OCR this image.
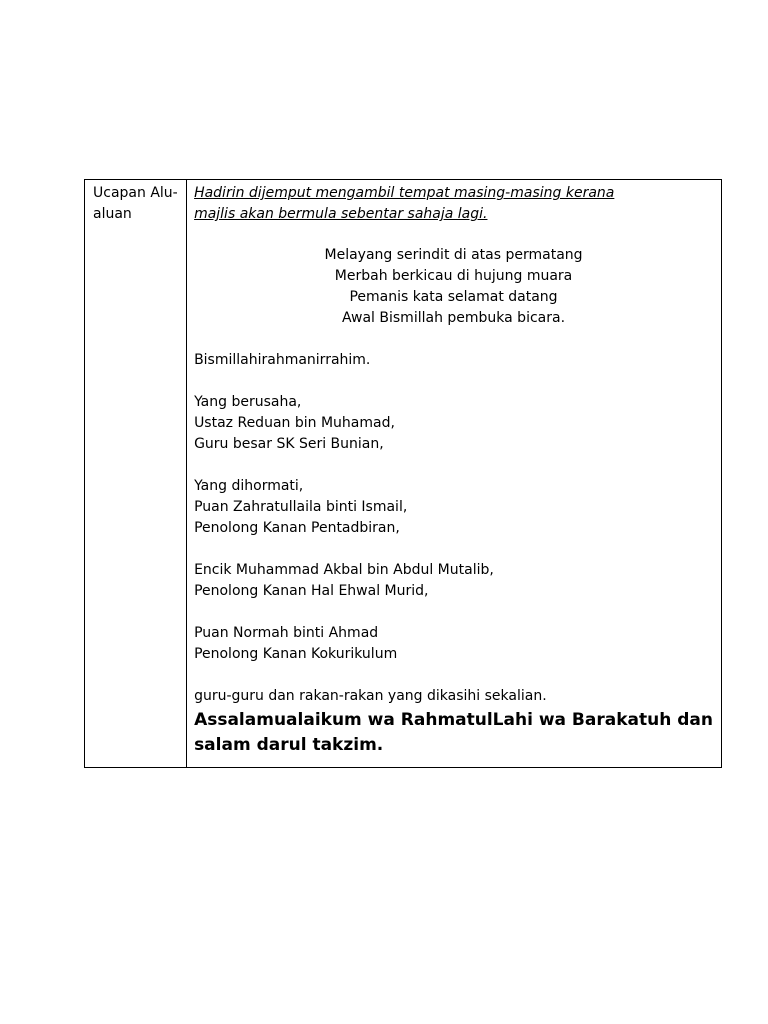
Ucapan Alu-
aluan
Hadirin dijemput mengambil tempat masing-masing kerana
majlis akan bermula sebentar sahaja lagi.
Melayang serindit di atas permatang
Merbah berkicau di hujung muara
Pemanis kata selamat datang
Awal Bismillah pembuka bicara.
Bismillahirahmanirrahim.
Yang berusaha,
Ustaz Reduan bin Muhamad,
Guru besar SK Seri Bunian,
Yang dihormati,
Puan Zahratullaila binti Ismail,
Penolong Kanan Pentadbiran,
Encik Muhammad Akbal bin Abdul Mutalib,
Penolong Kanan Hal Ehwal Murid,
Puan Normah binti Ahmad
Penolong Kanan Kokurikulum
guru-guru dan rakan-rakan yang dikasihi sekalian.
Assalamualaikum wa RahmatulLahi wa Barakatuh dan
salam darul takzim.
